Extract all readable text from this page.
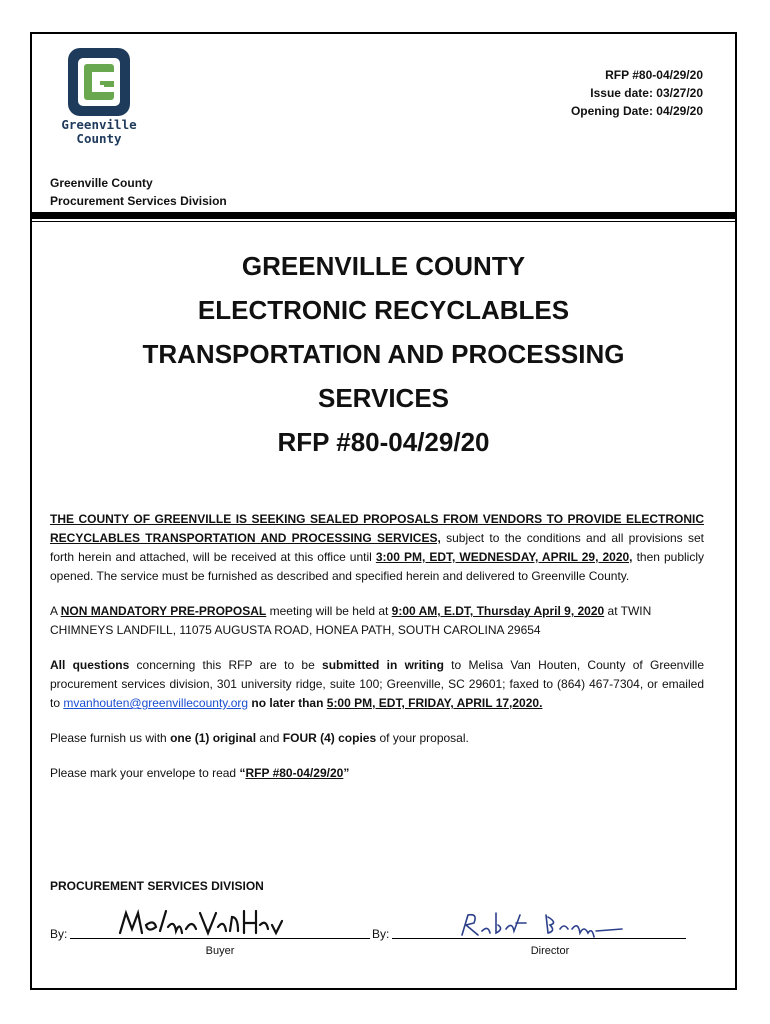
Greenville
County
RFP #80-04/29/20
Issue date: 03/27/20
Opening Date: 04/29/20
Greenville County
Procurement Services Division
GREENVILLE COUNTY
ELECTRONIC RECYCLABLES
TRANSPORTATION AND PROCESSING
SERVICES
RFP #80-04/29/20

THE COUNTY OF GREENVILLE IS SEEKING SEALED PROPOSALS FROM VENDORS TO PROVIDE ELECTRONIC RECYCLABLES TRANSPORTATION AND PROCESSING SERVICES, subject to the conditions and all provisions set forth herein and attached, will be received at this office until 3:00 PM, EDT, WEDNESDAY, APRIL 29, 2020, then publicly opened. The service must be furnished as described and specified herein and delivered to Greenville County.

A NON MANDATORY PRE-PROPOSAL meeting will be held at 9:00 AM, E.DT, Thursday April 9, 2020 at TWIN CHIMNEYS LANDFILL, 11075 AUGUSTA ROAD, HONEA PATH, SOUTH CAROLINA 29654

All questions concerning this RFP are to be submitted in writing to Melisa Van Houten, County of Greenville procurement services division, 301 university ridge, suite 100; Greenville, SC 29601; faxed to (864) 467-7304, or emailed to mvanhouten@greenvillecounty.org no later than 5:00 PM, EDT, FRIDAY, APRIL 17,2020.

Please furnish us with one (1) original and FOUR (4) copies of your proposal.

Please mark your envelope to read “RFP #80-04/29/20”

PROCUREMENT SERVICES DIVISION
By:
Buyer
By:
Director
